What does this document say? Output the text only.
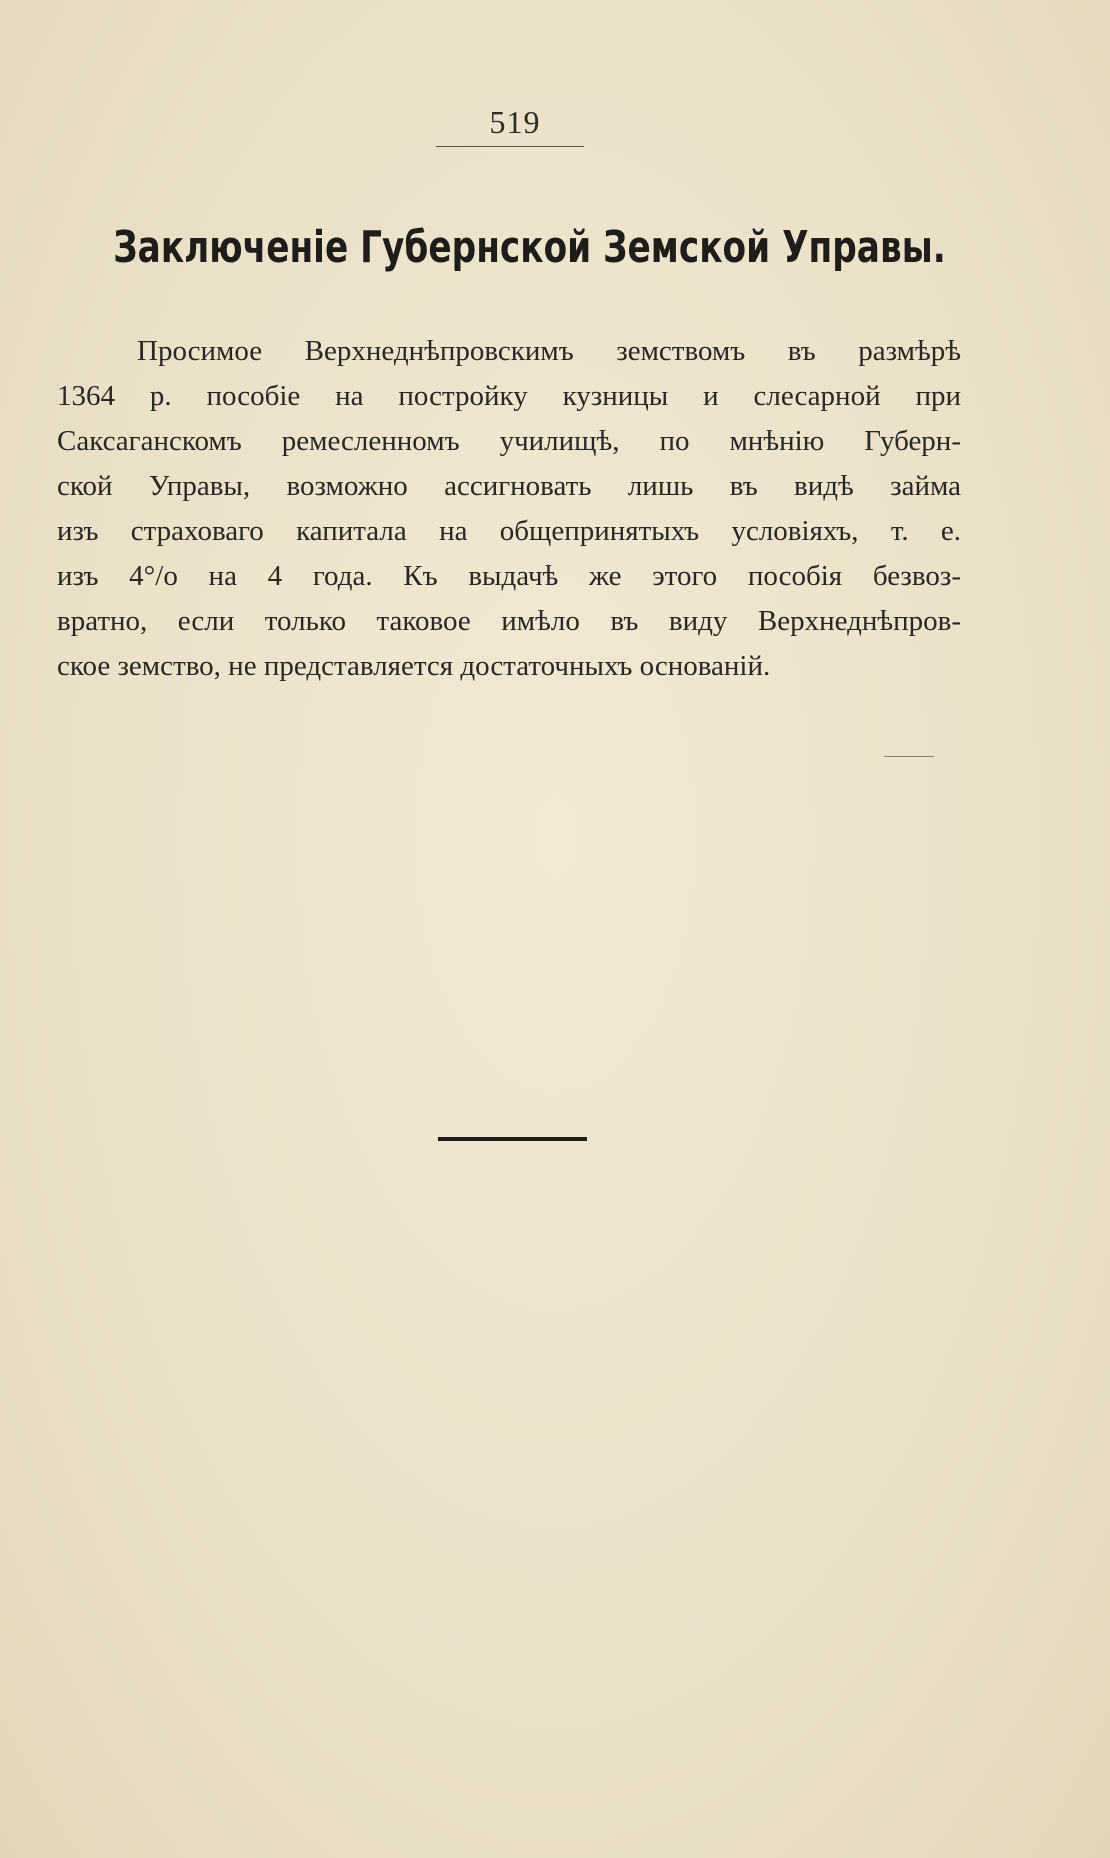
519
Заключеніе Губернской Земской Управы.
Просимое Верхнеднѣпровскимъ земствомъ въ размѣрѣ
1364 р. пособіе на постройку кузницы и слесарной при
Саксаганскомъ ремесленномъ училищѣ, по мнѣнію Губерн-
ской Управы, возможно ассигновать лишь въ видѣ займа
изъ страховаго капитала на общепринятыхъ условіяхъ, т. е.
изъ 4°/о на 4 года. Къ выдачѣ же этого пособія безвоз-
вратно, если только таковое имѣло въ виду Верхнеднѣпров-
ское земство, не представляется достаточныхъ основаній.
